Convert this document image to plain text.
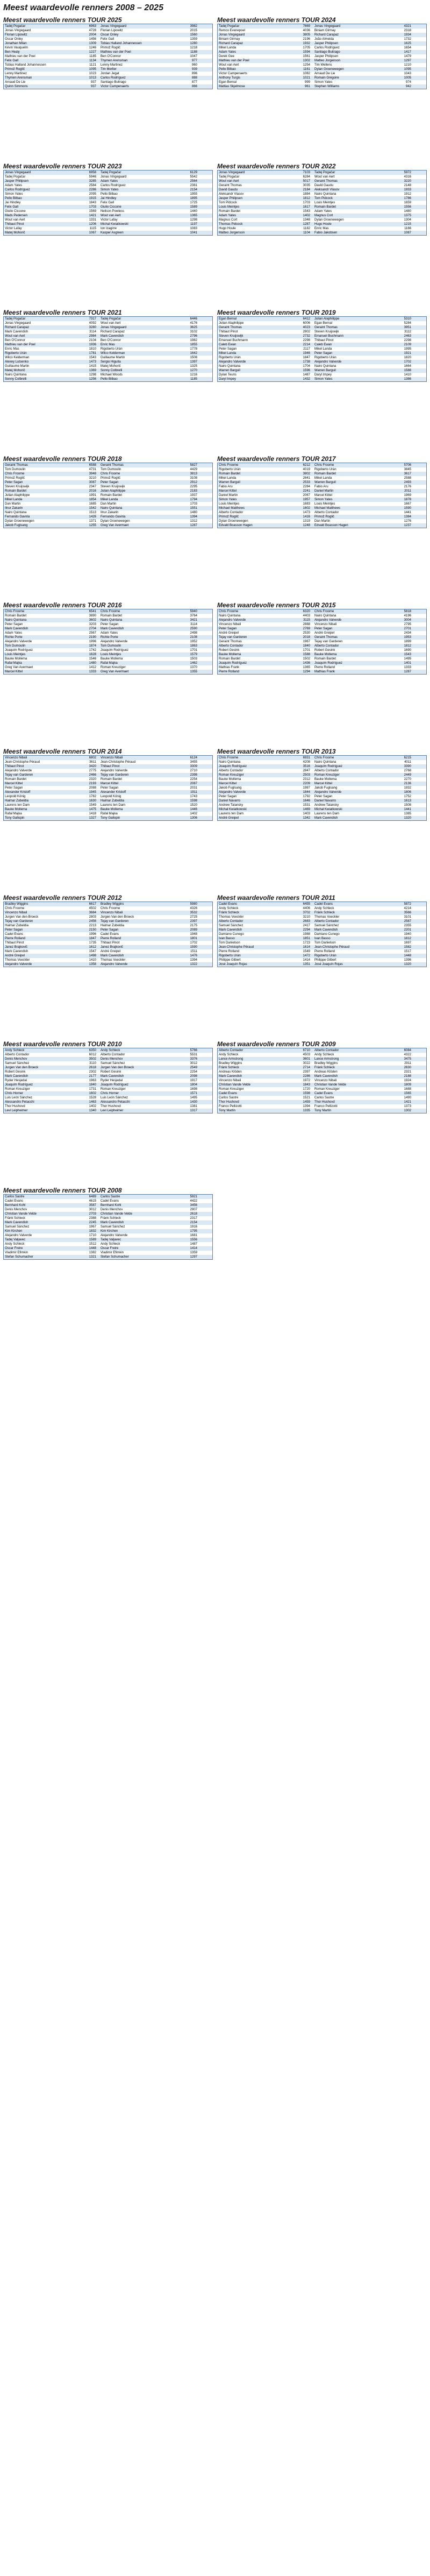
Meest waardevolle renners 2008 – 2025
Meest waardevolle renners TOUR 2025
Tadej Pogačar	6963 Jonas Vingegaard	3982
Jonas Vingegaard	4728 Florian Lipowitz	2015
Florian Lipowitz	2004 Oscar Onley	1560
Oscar Onley	1456 Felix Gall	1359
Jonathan Milan	1309 Tobias Halland Johannessen	1280
Kévin Vauquelin	1246 Primož Roglič	1218
Ben Healy	1227 Mathieu van der Poel	1188
Mathieu van der Poel	1185 Ben O'Connor	1047
Felix Gall	1134 Thymen Arensman	977
Tobias Halland Johannessen	1121 Lenny Martinez	960
Primož Roglič	1095 Tim Merlier	939
Lenny Martinez	1023 Jordan Jegat	896
Thymen Arensman	1013 Carlos Rodríguez	888
Arnaud De Lie	937 Santiago Buitrago	877
Quinn Simmons	937 Victor Campenaerts	866
Meest waardevolle renners TOUR 2024
Tadej Pogačar	7669 Jonas Vingegaard	4321
Remco Evenepoel	4036 Biniam Girmay	2318
Jonas Vingegaard	3805 Richard Carapaz	1934
Biniam Girmay	2196 João Almeida	1732
Richard Carapaz	1932 Jasper Philipsen	1625
Mikel Landa	1705 Carlos Rodríguez	1654
Adam Yates	1594 Santiago Buitrago	1417
Derek Gee	1561 Jasper Philipsen	1479
Mathieu van der Poel	1302 Matteo Jorgenson	1297
Wout van Aert	1254 Tim Wellens	1210
Pello Bilbao	1161 Dylan Groenewegen	1095
Victor Campenaerts	1082 Arnaud De Lie	1043
Anthony Turgis	1021 Romain Grégoire	1005
Egan Bernal	999 Simon Yates	974
Mattias Skjelmose	961 Stephen Williams	942
Meest waardevolle renners TOUR 2023
Jonas Vingegaard	6958 Tadej Pogačar	6129
Tadej Pogačar	5946 Jonas Vingegaard	5542
Jasper Philipsen	3285 Adam Yates	2564
Adam Yates	2584 Carlos Rodríguez	2381
Carlos Rodríguez	2286 Simon Yates	2154
Simon Yates	2095 Pello Bilbao	1955
Pello Bilbao	1915 Jai Hindley	1895
Jai Hindley	1843 Felix Gall	1725
Felix Gall	1703 Giulio Ciccone	1589
Giulio Ciccone	1569 Neilson Powless	1440
Mads Pedersen	1421 Wout van Aert	1365
Wout van Aert	1331 Victor Lafay	1298
Thibaut Pinot	1206 Michal Kwiatkowski	1197
Victor Lafay	1115 Ion Izagirre	1083
Matej Mohorič	1067 Kasper Asgreen	1041
Meest waardevolle renners TOUR 2022
Jonas Vingegaard	7103 Tadej Pogačar	5972
Tadej Pogačar	6284 Wout van Aert	4316
Wout van Aert	5017 Geraint Thomas	3220
Geraint Thomas	3035 David Gaudu	2148
David Gaudu	2184 Aleksandr Vlasov	1933
Aleksandr Vlasov	1884 Nairo Quintana	1912
Jasper Philipsen	1812 Tom Pidcock	1786
Tom Pidcock	1703 Louis Meintjes	1659
Louis Meintjes	1617 Romain Bardet	1556
Romain Bardet	1543 Adam Yates	1480
Adam Yates	1402 Magnus Cort	1375
Magnus Cort	1348 Dylan Groenewegen	1304
Thomas Pidcock	1287 Hugo Houle	1215
Hugo Houle	1182 Enric Mas	1166
Matteo Jorgenson	1104 Fabio Jakobsen	1087
Meest waardevolle renners TOUR 2021
Tadej Pogačar	7317 Tadej Pogačar	6446
Jonas Vingegaard	4092 Wout van Aert	4176
Richard Carapaz	3280 Jonas Vingegaard	3625
Mark Cavendish	3114 Richard Carapaz	3102
Wout van Aert	2984 Mark Cavendish	2796
Ben O'Connor	2104 Ben O'Connor	1982
Mathieu van der Poel	1936 Enric Mas	1855
Enric Mas	1810 Rigoberto Urán	1778
Rigoberto Urán	1781 Wilco Kelderman	1642
Wilco Kelderman	1543 Guillaume Martin	1508
Alexey Lutsenko	1473 Sergio Higuita	1397
Guillaume Martin	1415 Matej Mohorič	1325
Matej Mohorič	1369 Sonny Colbrelli	1270
Nairo Quintana	1298 Michael Woods	1216
Sonny Colbrelli	1256 Pello Bilbao	1185
Meest waardevolle renners TOUR 2019
Egan Bernal	6412 Julian Alaphilippe	5310
Julian Alaphilippe	6006 Egan Bernal	5284
Geraint Thomas	4023 Geraint Thomas	3951
Thibaut Pinot	2802 Steven Kruijswijk	3112
Steven Kruijswijk	2732 Emanuel Buchmann	2463
Emanuel Buchmann	2298 Thibaut Pinot	2298
Caleb Ewan	2214 Caleb Ewan	2109
Peter Sagan	2117 Mikel Landa	1995
Mikel Landa	1946 Peter Sagan	1921
Rigoberto Urán	1847 Rigoberto Urán	1820
Alejandro Valverde	1738 Alejandro Valverde	1702
Nairo Quintana	1704 Nairo Quintana	1664
Warren Barguil	1596 Warren Barguil	1588
Dylan Teuns	1487 Daryl Impey	1410
Daryl Impey	1432 Simon Yates	1386
Meest waardevolle renners TOUR 2018
Geraint Thomas	6588 Geraint Thomas	5827
Tom Dumoulin	4731 Tom Dumoulin	4429
Chris Froome	3948 Chris Froome	3813
Primož Roglič	3210 Primož Roglič	3108
Peter Sagan	3087 Peter Sagan	2912
Steven Kruijswijk	2347 Steven Kruijswijk	2295
Romain Bardet	2016 Julian Alaphilippe	2183
Julian Alaphilippe	1991 Romain Bardet	1937
Mikel Landa	1854 Mikel Landa	1794
Dan Martin	1685 Dan Martin	1703
Ilnur Zakarin	1542 Nairo Quintana	1551
Nairo Quintana	1513 Ilnur Zakarin	1480
Fernando Gaviria	1426 Fernando Gaviria	1394
Dylan Groenewegen	1371 Dylan Groenewegen	1312
Jakob Fuglsang	1255 Greg Van Avermaet	1287
Meest waardevolle renners TOUR 2017
Chris Froome	6212 Chris Froome	5706
Rigoberto Urán	4019 Rigoberto Urán	3845
Romain Bardet	3802 Romain Bardet	3617
Mikel Landa	2641 Mikel Landa	2588
Warren Barguil	2533 Warren Barguil	2493
Fabio Aru	2284 Fabio Aru	2176
Marcel Kittel	2241 Daniel Martin	2011
Daniel Martin	2067 Marcel Kittel	1969
Simon Yates	1957 Simon Yates	1878
Louis Meintjes	1683 Louis Meintjes	1667
Michael Matthews	1602 Michael Matthews	1590
Alberto Contador	1473 Alberto Contador	1441
Primož Roglič	1416 Primož Roglič	1384
Dylan Groenewegen	1319 Dan Martin	1276
Edvald Boasson Hagen	1248 Edvald Boasson Hagen	1237
Meest waardevolle renners TOUR 2016
Chris Froome	6541 Chris Froome	5940
Romain Bardet	3890 Romain Bardet	3764
Nairo Quintana	3602 Nairo Quintana	3421
Peter Sagan	3203 Peter Sagan	3114
Mark Cavendish	2704 Mark Cavendish	2590
Adam Yates	2567 Adam Yates	2498
Richie Porte	2190 Richie Porte	2108
Alejandro Valverde	1996 Alejandro Valverde	1952
Tom Dumoulin	1874 Tom Dumoulin	1863
Joaquim Rodríguez	1742 Joaquim Rodríguez	1701
Louis Meintjes	1628 Louis Meintjes	1579
Bauke Mollema	1546 Bauke Mollema	1503
Rafał Majka	1480 Rafał Majka	1462
Greg Van Avermaet	1412 Roman Kreuziger	1370
Marcel Kittel	1333 Greg Van Avermaet	1355
Meest waardevolle renners TOUR 2015
Chris Froome	6320 Chris Froome	5818
Nairo Quintana	4403 Nairo Quintana	4196
Alejandro Valverde	3115 Alejandro Valverde	3004
Vincenzo Nibali	2888 Vincenzo Nibali	2795
Peter Sagan	2769 Peter Sagan	2701
André Greipel	2530 André Greipel	2434
Tejay van Garderen	2018 Geraint Thomas	1953
Geraint Thomas	1967 Tejay van Garderen	1899
Alberto Contador	1840 Alberto Contador	1812
Robert Gesink	1701 Robert Gesink	1690
Bauke Mollema	1588 Bauke Mollema	1543
Romain Bardet	1502 Romain Bardet	1495
Joaquim Rodríguez	1436 Joaquim Rodríguez	1401
Mathias Frank	1365 Pierre Rolland	1333
Pierre Rolland	1294 Mathias Frank	1287
Meest waardevolle renners TOUR 2014
Vincenzo Nibali	6802 Vincenzo Nibali	6124
Jean-Christophe Péraud	3611 Jean-Christophe Péraud	3455
Thibaut Pinot	3420 Thibaut Pinot	3309
Alejandro Valverde	2775 Alejandro Valverde	2710
Tejay van Garderen	2466 Tejay van Garderen	2398
Romain Bardet	2320 Romain Bardet	2254
Marcel Kittel	2193 Marcel Kittel	2087
Peter Sagan	2088 Peter Sagan	2031
Alexander Kristoff	1945 Alexander Kristoff	1911
Leopold König	1782 Leopold König	1743
Haimar Zubeldia	1630 Haimar Zubeldia	1598
Laurens ten Dam	1549 Laurens ten Dam	1520
Bauke Mollema	1475 Bauke Mollema	1446
Rafał Majka	1418 Rafał Majka	1402
Tony Gallopin	1327 Tony Gallopin	1306
Meest waardevolle renners TOUR 2013
Chris Froome	6931 Chris Froome	6215
Nairo Quintana	4208 Nairo Quintana	4011
Joaquim Rodríguez	3516 Joaquim Rodríguez	3390
Alberto Contador	2847 Alberto Contador	2768
Roman Kreuziger	2503 Roman Kreuziger	2449
Bauke Mollema	2312 Bauke Mollema	2270
Marcel Kittel	2209 Marcel Kittel	2136
Jakob Fuglsang	1987 Jakob Fuglsang	1932
Alejandro Valverde	1844 Alejandro Valverde	1806
Peter Sagan	1792 Peter Sagan	1752
Daniel Navarro	1646 Daniel Navarro	1613
Andrew Talansky	1531 Andrew Talansky	1508
Michał Kwiatkowski	1469 Michał Kwiatkowski	1441
Laurens ten Dam	1403 Laurens ten Dam	1385
André Greipel	1342 Mark Cavendish	1320
Meest waardevolle renners TOUR 2012
Bradley Wiggins	6617 Bradley Wiggins	5980
Chris Froome	4502 Chris Froome	4326
Vincenzo Nibali	3684 Vincenzo Nibali	3532
Jurgen Van den Broeck	2803 Jurgen Van den Broeck	2725
Tejay van Garderen	2456 Tejay van Garderen	2397
Haimar Zubeldia	2213 Haimar Zubeldia	2175
Peter Sagan	2150 Peter Sagan	2089
Cadel Evans	1996 Cadel Evans	1948
Pierre Rolland	1847 Pierre Rolland	1801
Thibaut Pinot	1735 Thibaut Pinot	1702
Janez Brajkovič	1612 Janez Brajkovič	1590
Mark Cavendish	1547 André Greipel	1511
André Greipel	1498 Mark Cavendish	1476
Thomas Voeckler	1410 Thomas Voeckler	1394
Alejandro Valverde	1358 Alejandro Valverde	1322
Meest waardevolle renners TOUR 2011
Cadel Evans	6455 Cadel Evans	5872
Andy Schleck	4406 Andy Schleck	4214
Fränk Schleck	3702 Fränk Schleck	3566
Thomas Voeckler	3210 Thomas Voeckler	3101
Alberto Contador	2683 Alberto Contador	2587
Samuel Sánchez	2417 Samuel Sánchez	2355
Mark Cavendish	2294 Mark Cavendish	2201
Damiano Cunego	1988 Damiano Cunego	1940
Ivan Basso	1851 Ivan Basso	1812
Tom Danielson	1723 Tom Danielson	1697
Jean-Christophe Péraud	1614 Jean-Christophe Péraud	1582
Pierre Rolland	1549 Pierre Rolland	1517
Rigoberto Urán	1472 Rigoberto Urán	1448
Philippe Gilbert	1414 Philippe Gilbert	1396
José Joaquín Rojas	1351 José Joaquín Rojas	1320
Meest waardevolle renners TOUR 2010
Andy Schleck	6350 Andy Schleck	5766
Alberto Contador	6012 Alberto Contador	5531
Denis Menchov	3502 Denis Menchov	3376
Samuel Sánchez	3110 Samuel Sánchez	3012
Jurgen Van den Broeck	2618 Jurgen Van den Broeck	2549
Robert Gesink	2302 Robert Gesink	2254
Mark Cavendish	2177 Mark Cavendish	2098
Ryder Hesjedal	1963 Ryder Hesjedal	1917
Joaquim Rodríguez	1840 Joaquim Rodríguez	1804
Roman Kreuziger	1731 Roman Kreuziger	1698
Chris Horner	1602 Chris Horner	1571
Luis León Sánchez	1528 Luis León Sánchez	1495
Alessandro Petacchi	1463 Alessandro Petacchi	1430
Thor Hushovd	1402 Thor Hushovd	1381
Levi Leipheimer	1340 Levi Leipheimer	1317
Meest waardevolle renners TOUR 2009
Alberto Contador	6710 Alberto Contador	6084
Andy Schleck	4503 Andy Schleck	4322
Lance Armstrong	3601 Lance Armstrong	3475
Bradley Wiggins	3022 Bradley Wiggins	2911
Fränk Schleck	2714 Fränk Schleck	2630
Andreas Klöden	2397 Andreas Klöden	2321
Mark Cavendish	2286 Mark Cavendish	2188
Vincenzo Nibali	1972 Vincenzo Nibali	1924
Christian Vande Velde	1843 Christian Vande Velde	1809
Roman Kreuziger	1720 Roman Kreuziger	1688
Cadel Evans	1598 Cadel Evans	1565
Carlos Sastre	1521 Carlos Sastre	1490
Thor Hushovd	1459 Thor Hushovd	1421
Franco Pellizotti	1394 Franco Pellizotti	1373
Tony Martin	1335 Tony Martin	1302
Meest waardevolle renners TOUR 2008
Carlos Sastre	6489 Carlos Sastre	5921
Cadel Evans	4615 Cadel Evans	4422
Bernhard Kohl	3587 Bernhard Kohl	3456
Denis Menchov	3012 Denis Menchov	2907
Christian Vande Velde	2703 Christian Vande Velde	2618
Fränk Schleck	2388 Fränk Schleck	2317
Mark Cavendish	2245 Mark Cavendish	2154
Samuel Sánchez	1967 Samuel Sánchez	1916
Kim Kirchen	1832 Kim Kirchen	1795
Alejandro Valverde	1710 Alejandro Valverde	1681
Tadej Valjavec	1589 Tadej Valjavec	1556
Andy Schleck	1512 Andy Schleck	1487
Óscar Freire	1448 Óscar Freire	1414
Vladimir Efimkin	1382 Vladimir Efimkin	1359
Stefan Schumacher	1321 Stefan Schumacher	1297
